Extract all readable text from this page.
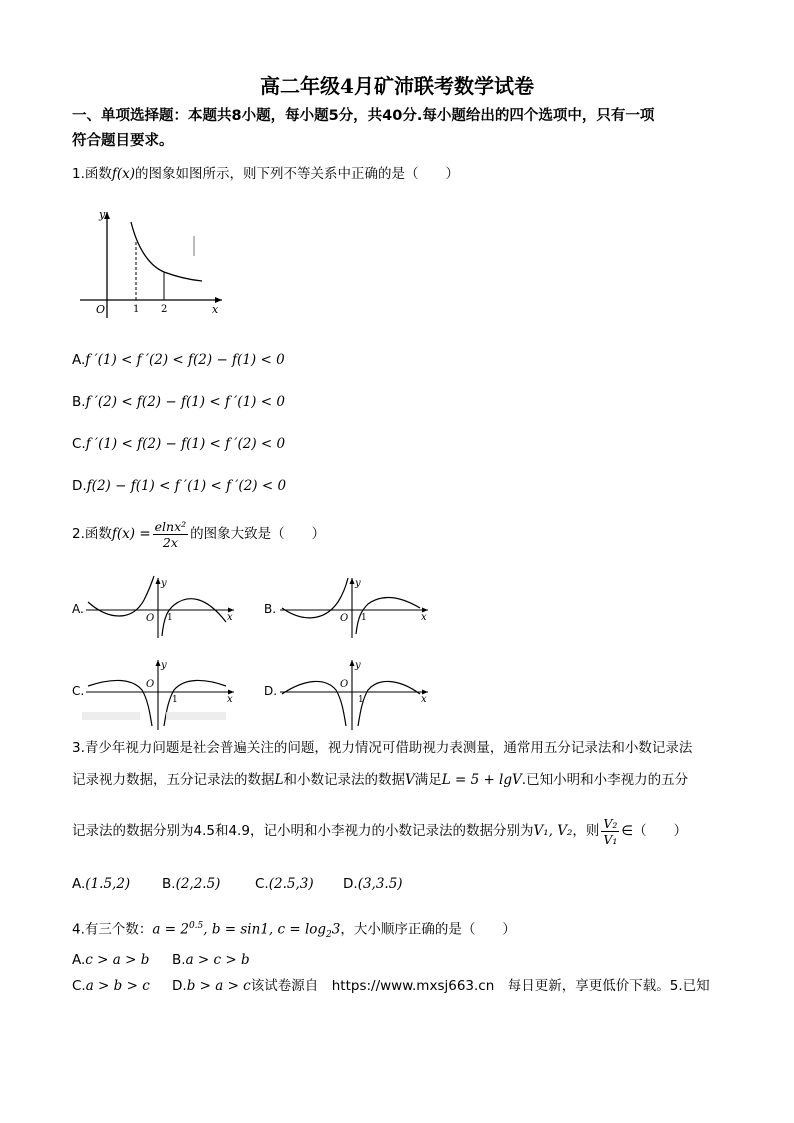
高二年级4月矿沛联考数学试卷
一、单项选择题：本题共8小题，每小题5分，共40分.每小题给出的四个选项中，只有一项
符合题目要求。
1.函数f(x)的图象如图所示，则下列不等关系中正确的是（　　）
y
x
O	1 2
A.f ′(1) < f ′(2) < f(2) − f(1) < 0
B.f ′(2) < f(2) − f(1) < f ′(1) < 0
C.f ′(1) < f(2) − f(1) < f ′(2) < 0
D.f(2) − f(1) < f ′(1) < f ′(2) < 0
2.函数$f(x) = \frac{\text{elnx²}}{2x}$ 的图象大致是（　　）
A.
y
x
O 1
B.
y
x
O 1
C.
y
x
O
1
D.
y
x
O
1
3.青少年视力问题是社会普遍关注的问题，视力情况可借助视力表测量，通常用五分记录法和小数记录法
记录视力数据，五分记录法的数据L和小数记录法的数据V满足L = 5 + lgV.已知小明和小李视力的五分
记录法的数据分别为4.5和4.9，记小明和小李视力的小数记录法的数据分别为V₁, V₂，则 $\frac{\text{V₂}}{\text{V₁}}$ ∈（　　）
A.(1.5,2) B.(2,2.5)	C.(2.5,3) D.(3,3.5)
4.有三个数：$a = 2^{0.5}$, b = sin1, $c = \log_23$，大小顺序正确的是（　　）
A.c > a > b B.a > c > b
C.a > b > c D.b > a > c该试卷源自　https://www.mxsj663.cn　每日更新，享更低价下载。5.已知
